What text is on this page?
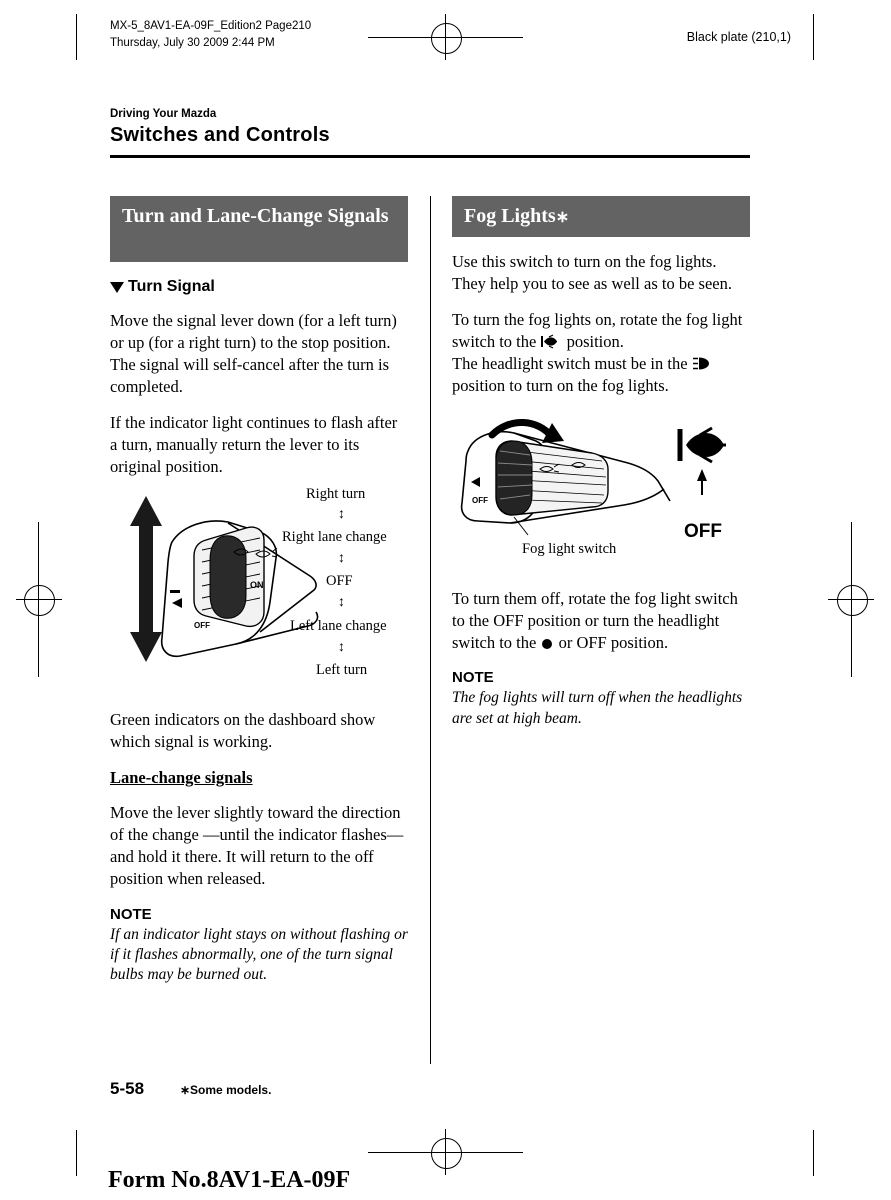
MX-5_8AV1-EA-09F_Edition2 Page210
Thursday, July 30 2009 2:44 PM	Black plate (210,1)
Driving Your Mazda
Switches and Controls
Turn and Lane-Change Signals
Turn Signal

Move the signal lever down (for a left turn) or up (for a right turn) to the stop position. The signal will self-cancel after the turn is completed.

If the indicator light continues to flash after a turn, manually return the lever to its original position.

OFF
ON
Right turn
↕
Right lane change
↕
OFF
↕
Left lane change
↕
Left turn

Green indicators on the dashboard show which signal is working.

Lane-change signals

Move the lever slightly toward the direction of the change —until the indicator flashes— and hold it there. It will return to the off position when released.

NOTE

If an indicator light stays on without flashing or if it flashes abnormally, one of the turn signal bulbs may be burned out.

Fog Lights∗

Use this switch to turn on the fog lights. They help you to see as well as to be seen.

To turn the fog lights on, rotate the fog light switch to the position.
The headlight switch must be in the  position to turn on the fog lights.

OFF
Fog light switch
OFF

To turn them off, rotate the fog light switch to the OFF position or turn the headlight switch to the or OFF position.

NOTE

The fog lights will turn off when the headlights are set at high beam.

5-58	∗Some models.
Form No.8AV1-EA-09F
